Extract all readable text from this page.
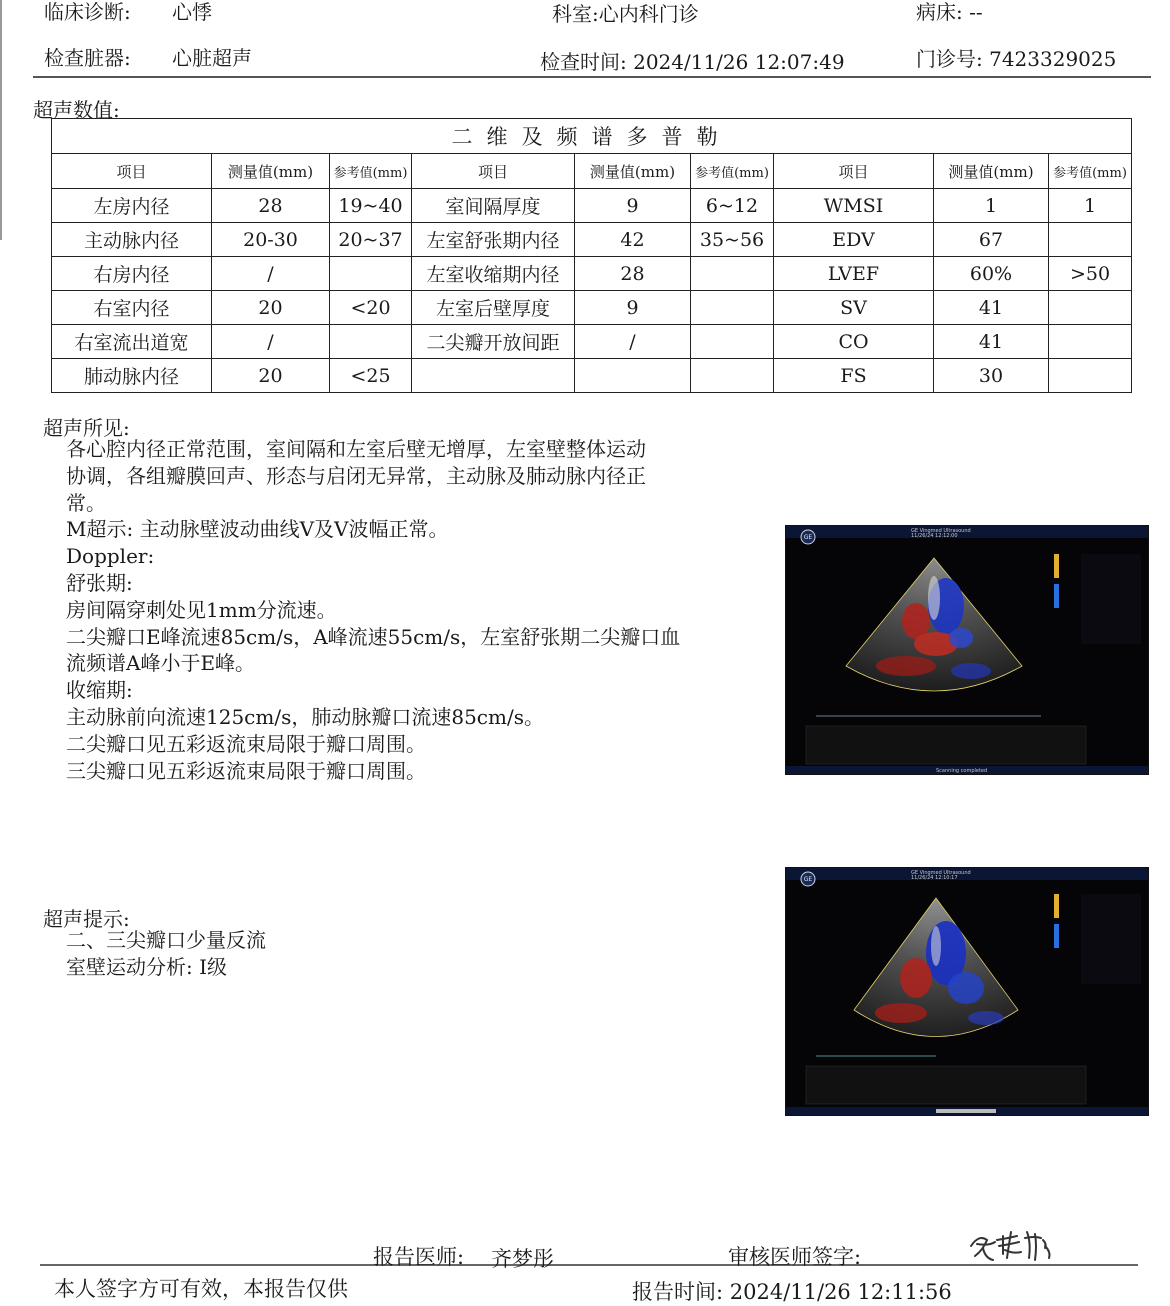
临床诊断: 心悸	科室:心内科门诊	病床: --
检查脏器: 心脏超声	检查时间: 2024/11/26 12:07:49	门诊号: 7423329025
超声数值:
二维及频谱多普勒								
项目	测量值(mm)	参考值(mm)	项目	测量值(mm)	参考值(mm)	项目	测量值(mm)	参考值(mm)
左房内径	28	19~40	室间隔厚度	9	6~12	WMSI	1	1
主动脉内径	20-30	20~37	左室舒张期内径	42	35~56	EDV	67	
右房内径	/		左室收缩期内径	28		LVEF	60%	>50
右室内径	20	<20	左室后壁厚度	9		SV	41	
右室流出道宽	/		二尖瓣开放间距	/		CO	41	
肺动脉内径	20	<25				FS	30	
超声所见:
各心腔内径正常范围，室间隔和左室后壁无增厚，左室壁整体运动
协调，各组瓣膜回声、形态与启闭无异常，主动脉及肺动脉内径正
常。
M超示: 主动脉壁波动曲线V及V波幅正常。
Doppler:
舒张期:
房间隔穿刺处见1mm分流速。
二尖瓣口E峰流速85cm/s，A峰流速55cm/s，左室舒张期二尖瓣口血
流频谱A峰小于E峰。
收缩期:
主动脉前向流速125cm/s，肺动脉瓣口流速85cm/s。
二尖瓣口见五彩返流束局限于瓣口周围。
三尖瓣口见五彩返流束局限于瓣口周围。
超声提示:
二、三尖瓣口少量反流
室壁运动分析: Ⅰ级
GE
GE Vingmed Ultrasound
11/26/24 12:12:00
Scanning completed
GE
GE Vingmed Ultrasound
11/26/24 12:10:17
报告医师: 齐梦彤	审核医师签字:
本人签字方可有效，本报告仅供	报告时间: 2024/11/26 12:11:56
